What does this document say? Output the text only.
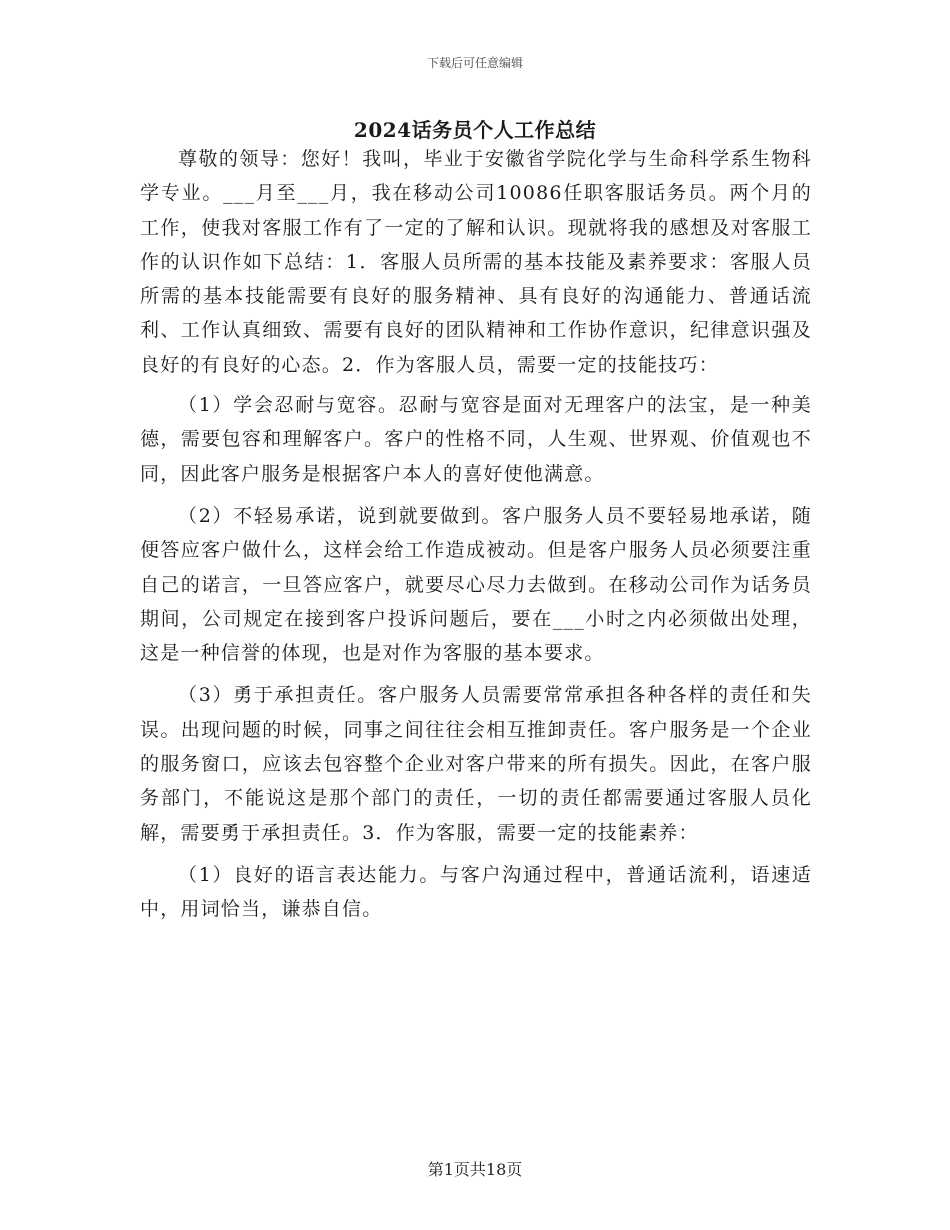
下载后可任意编辑
2024话务员个人工作总结

尊敬的领导：您好！我叫，毕业于安徽省学院化学与生命科学系生物科学专业。___月至___月，我在移动公司10086任职客服话务员。两个月的工作，使我对客服工作有了一定的了解和认识。现就将我的感想及对客服工作的认识作如下总结：1．客服人员所需的基本技能及素养要求：客服人员所需的基本技能需要有良好的服务精神、具有良好的沟通能力、普通话流利、工作认真细致、需要有良好的团队精神和工作协作意识，纪律意识强及良好的有良好的心态。2．作为客服人员，需要一定的技能技巧：

（1）学会忍耐与宽容。忍耐与宽容是面对无理客户的法宝，是一种美德，需要包容和理解客户。客户的性格不同，人生观、世界观、价值观也不同，因此客户服务是根据客户本人的喜好使他满意。

（2）不轻易承诺，说到就要做到。客户服务人员不要轻易地承诺，随便答应客户做什么，这样会给工作造成被动。但是客户服务人员必须要注重自己的诺言，一旦答应客户，就要尽心尽力去做到。在移动公司作为话务员期间，公司规定在接到客户投诉问题后，要在___小时之内必须做出处理，这是一种信誉的体现，也是对作为客服的基本要求。

（3）勇于承担责任。客户服务人员需要常常承担各种各样的责任和失误。出现问题的时候，同事之间往往会相互推卸责任。客户服务是一个企业的服务窗口，应该去包容整个企业对客户带来的所有损失。因此，在客户服务部门，不能说这是那个部门的责任，一切的责任都需要通过客服人员化解，需要勇于承担责任。3．作为客服，需要一定的技能素养：

（1）良好的语言表达能力。与客户沟通过程中，普通话流利，语速适中，用词恰当，谦恭自信。

第1页共18页
